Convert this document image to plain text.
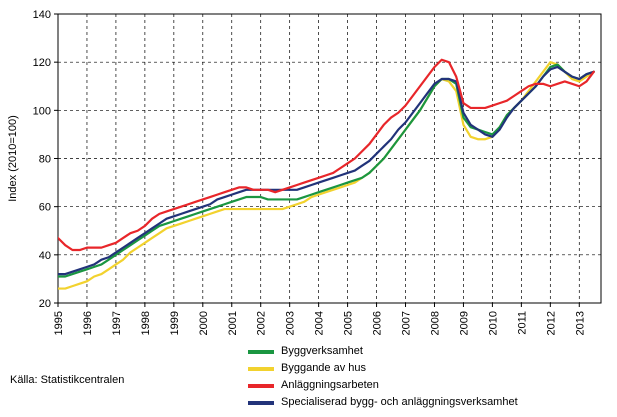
20
40
60
80
100
120
140
Index (2010=100)
1995 1996 1997 1998 1999 2000 2001 2002 2003 2004 2005 2006 2007 2008 2009 2010 2011 2012 2013
Byggverksamhet
Byggande av hus
Anläggningsarbeten
Specialiserad bygg- och anläggningsverksamhet
Källa: Statistikcentralen
